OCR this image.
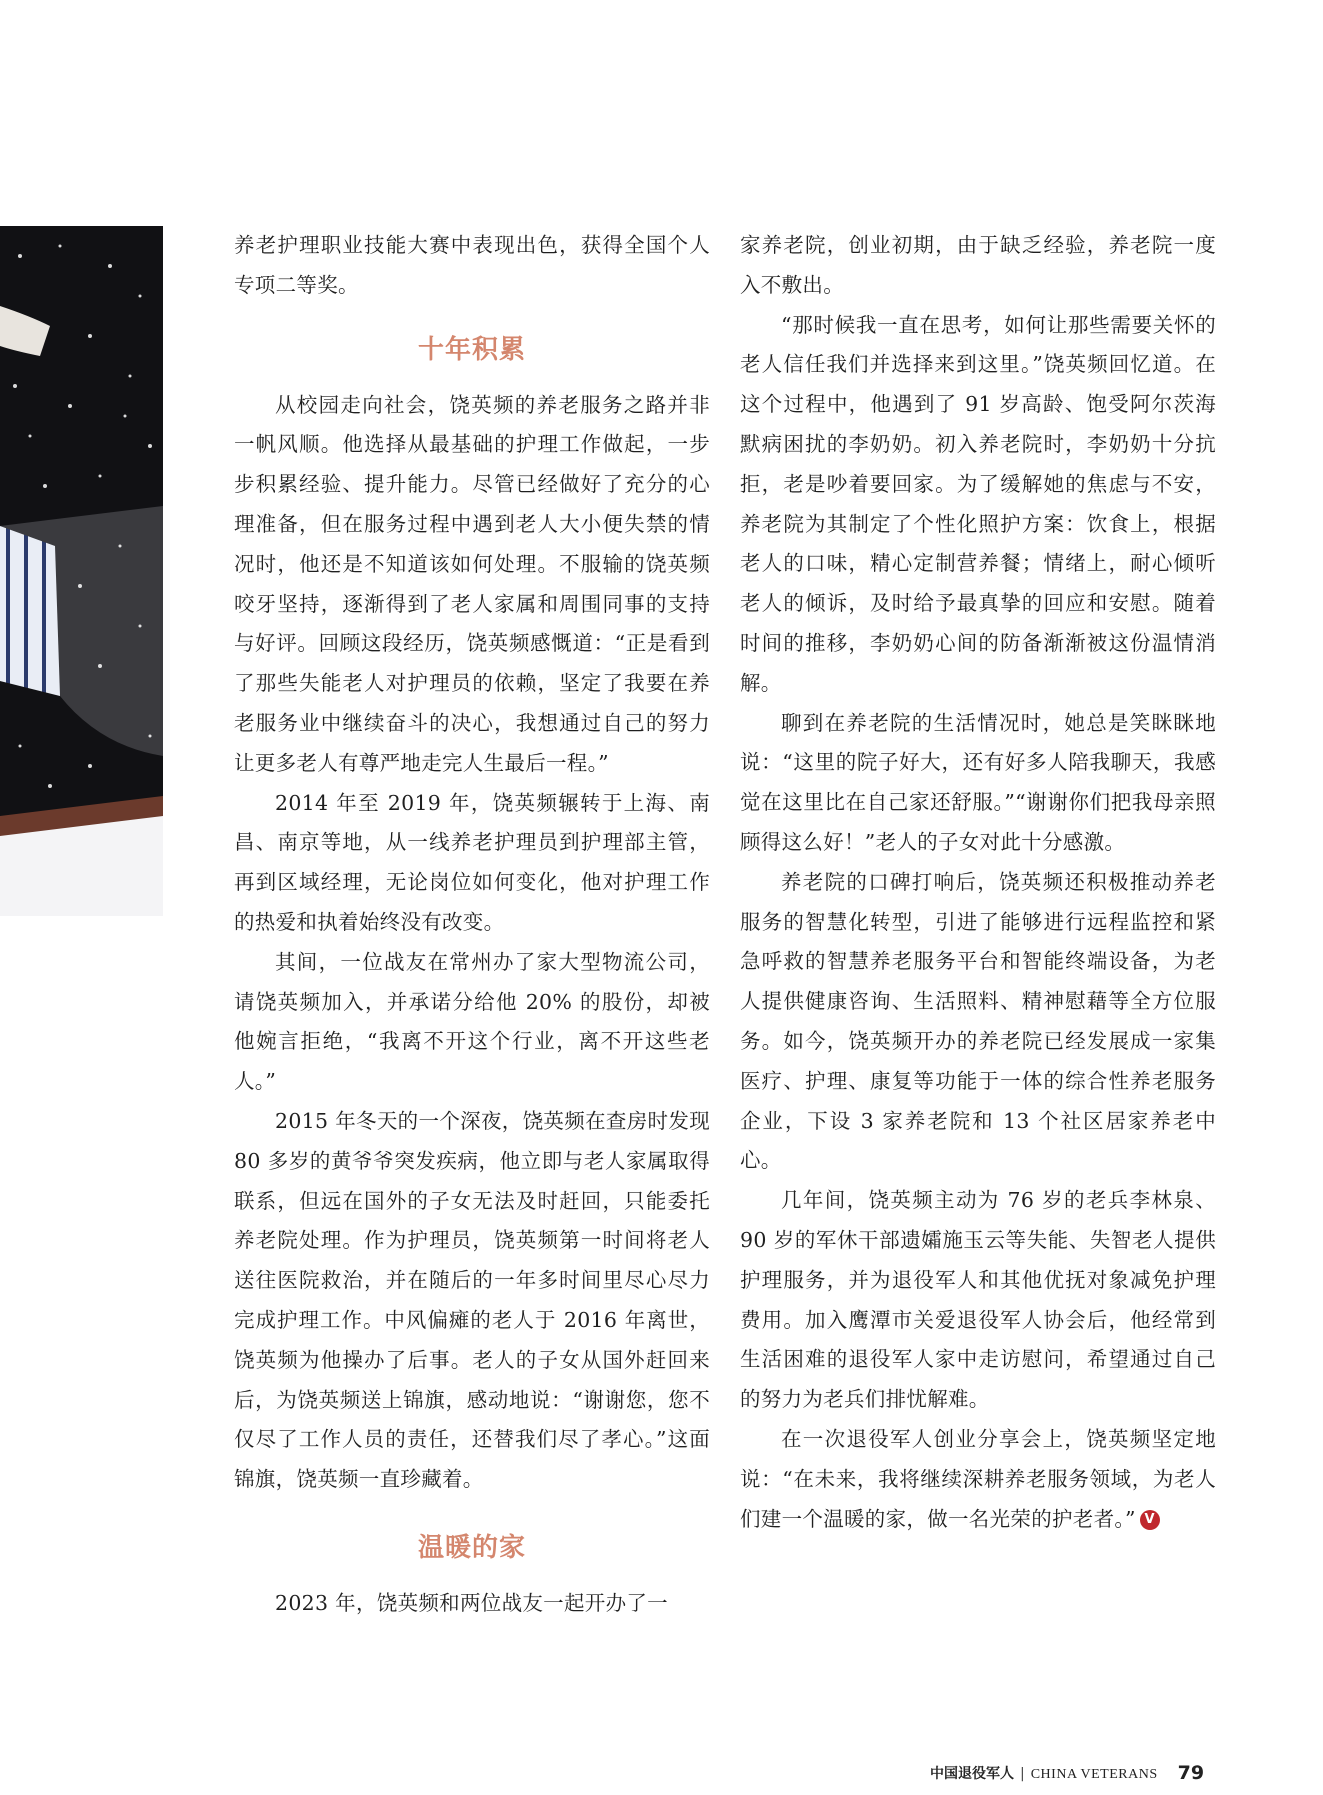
养老护理职业技能大赛中表现出色，获得全国个人专项二等奖。

十年积累

从校园走向社会，饶英频的养老服务之路并非一帆风顺。他选择从最基础的护理工作做起，一步步积累经验、提升能力。尽管已经做好了充分的心理准备，但在服务过程中遇到老人大小便失禁的情况时，他还是不知道该如何处理。不服输的饶英频咬牙坚持，逐渐得到了老人家属和周围同事的支持与好评。回顾这段经历，饶英频感慨道：“正是看到了那些失能老人对护理员的依赖，坚定了我要在养老服务业中继续奋斗的决心，我想通过自己的努力让更多老人有尊严地走完人生最后一程。”

2014 年至 2019 年，饶英频辗转于上海、南昌、南京等地，从一线养老护理员到护理部主管，再到区域经理，无论岗位如何变化，他对护理工作的热爱和执着始终没有改变。

其间，一位战友在常州办了家大型物流公司，请饶英频加入，并承诺分给他 20% 的股份，却被他婉言拒绝，“我离不开这个行业，离不开这些老人。”

2015 年冬天的一个深夜，饶英频在查房时发现 80 多岁的黄爷爷突发疾病，他立即与老人家属取得联系，但远在国外的子女无法及时赶回，只能委托养老院处理。作为护理员，饶英频第一时间将老人送往医院救治，并在随后的一年多时间里尽心尽力完成护理工作。中风偏瘫的老人于 2016 年离世，饶英频为他操办了后事。老人的子女从国外赶回来后，为饶英频送上锦旗，感动地说：“谢谢您，您不仅尽了工作人员的责任，还替我们尽了孝心。”这面锦旗，饶英频一直珍藏着。

温暖的家

2023 年，饶英频和两位战友一起开办了一

家养老院，创业初期，由于缺乏经验，养老院一度入不敷出。

“那时候我一直在思考，如何让那些需要关怀的老人信任我们并选择来到这里。”饶英频回忆道。在这个过程中，他遇到了 91 岁高龄、饱受阿尔茨海默病困扰的李奶奶。初入养老院时，李奶奶十分抗拒，老是吵着要回家。为了缓解她的焦虑与不安，养老院为其制定了个性化照护方案：饮食上，根据老人的口味，精心定制营养餐；情绪上，耐心倾听老人的倾诉，及时给予最真挚的回应和安慰。随着时间的推移，李奶奶心间的防备渐渐被这份温情消解。

聊到在养老院的生活情况时，她总是笑眯眯地说：“这里的院子好大，还有好多人陪我聊天，我感觉在这里比在自己家还舒服。”“谢谢你们把我母亲照顾得这么好！”老人的子女对此十分感激。

养老院的口碑打响后，饶英频还积极推动养老服务的智慧化转型，引进了能够进行远程监控和紧急呼救的智慧养老服务平台和智能终端设备，为老人提供健康咨询、生活照料、精神慰藉等全方位服务。如今，饶英频开办的养老院已经发展成一家集医疗、护理、康复等功能于一体的综合性养老服务企业，下设 3 家养老院和 13 个社区居家养老中心。

几年间，饶英频主动为 76 岁的老兵李林泉、90 岁的军休干部遗孀施玉云等失能、失智老人提供护理服务，并为退役军人和其他优抚对象减免护理费用。加入鹰潭市关爱退役军人协会后，他经常到生活困难的退役军人家中走访慰问，希望通过自己的努力为老兵们排忧解难。

在一次退役军人创业分享会上，饶英频坚定地说：“在未来，我将继续深耕养老服务领域，为老人们建一个温暖的家，做一名光荣的护老者。” V

中国退役军人 | CHINA VETERANS 79
